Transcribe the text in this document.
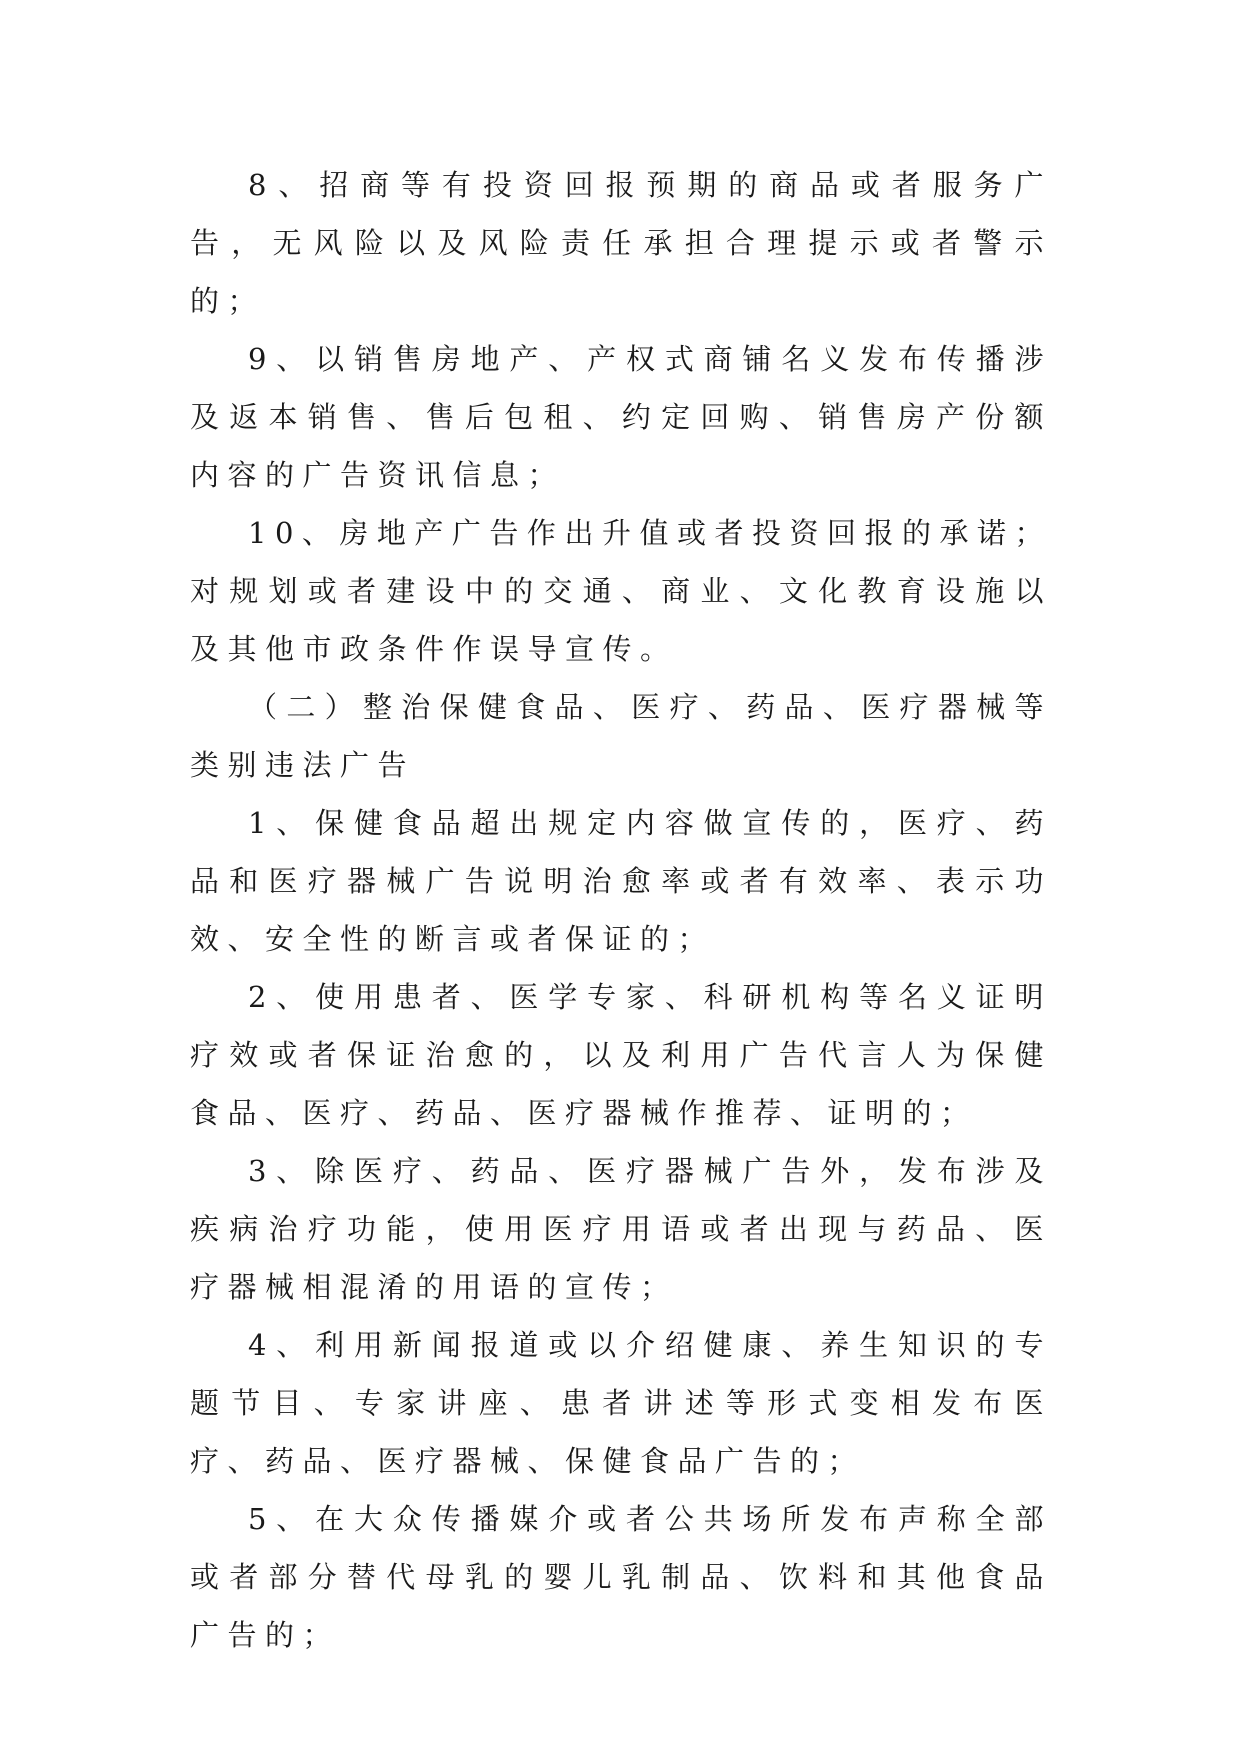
8、招商等有投资回报预期的商品或者服务广告，无风险以及风险责任承担合理提示或者警示的；

9、以销售房地产、产权式商铺名义发布传播涉及返本销售、售后包租、约定回购、销售房产份额内容的广告资讯信息；

10、房地产广告作出升值或者投资回报的承诺；对规划或者建设中的交通、商业、文化教育设施以及其他市政条件作误导宣传。

（二）整治保健食品、医疗、药品、医疗器械等类别违法广告

1、保健食品超出规定内容做宣传的，医疗、药品和医疗器械广告说明治愈率或者有效率、表示功效、安全性的断言或者保证的；

2、使用患者、医学专家、科研机构等名义证明疗效或者保证治愈的，以及利用广告代言人为保健食品、医疗、药品、医疗器械作推荐、证明的；

3、除医疗、药品、医疗器械广告外，发布涉及疾病治疗功能，使用医疗用语或者出现与药品、医疗器械相混淆的用语的宣传；

4、利用新闻报道或以介绍健康、养生知识的专题节目、专家讲座、患者讲述等形式变相发布医疗、药品、医疗器械、保健食品广告的；

5、在大众传播媒介或者公共场所发布声称全部或者部分替代母乳的婴儿乳制品、饮料和其他食品广告的；
